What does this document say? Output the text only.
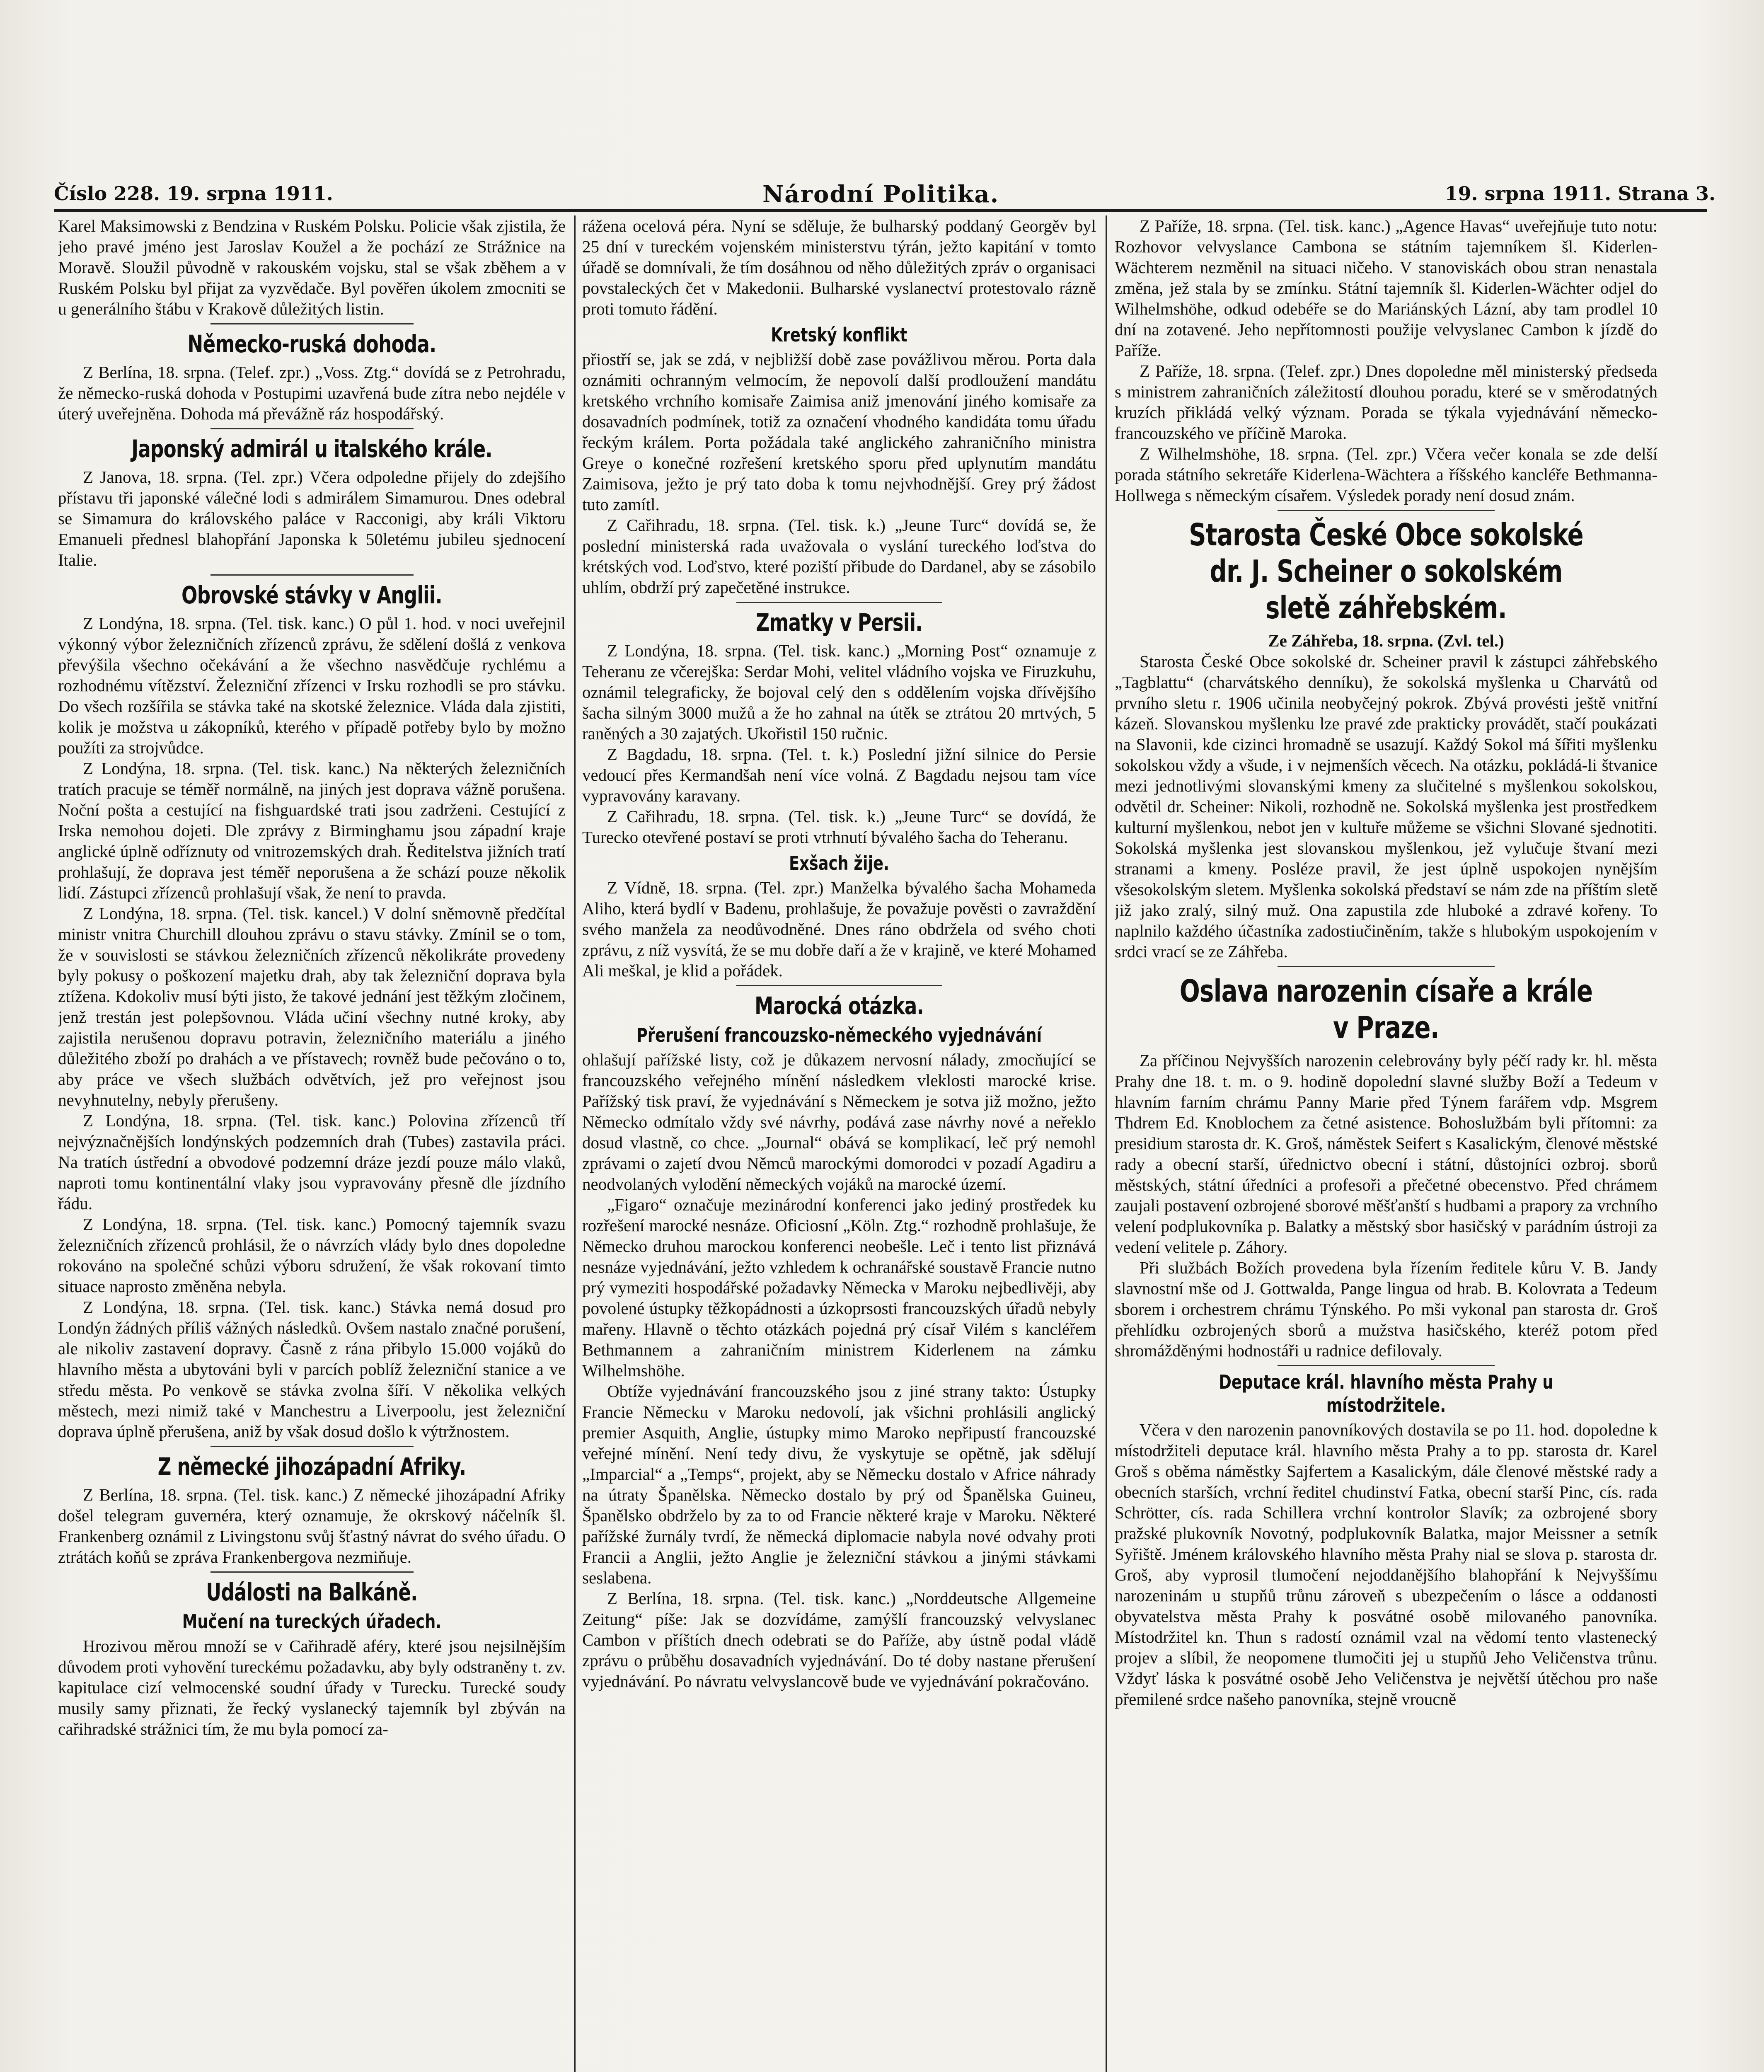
Číslo 228. 19. srpna 1911.	Národní Politika.	19. srpna 1911. Strana 3.

Karel Maksimowski z Bendzina v Ruském Polsku. Policie však zjistila, že jeho pravé jméno jest Jaroslav Koužel a že pochází ze Strážnice na Moravě. Sloužil původně v rakouském vojsku, stal se však zběhem a v Ruském Polsku byl přijat za vyzvědače. Byl pověřen úkolem zmocniti se u generálního štábu v Krakově důležitých listin.

Německo-ruská dohoda.

Z Berlína, 18. srpna. (Telef. zpr.) „Voss. Ztg.“ dovídá se z Petrohradu, že německo-ruská dohoda v Postupimi uzavřená bude zítra nebo nejdéle v úterý uveřejněna. Dohoda má převážně ráz hospodářský.

Japonský admirál u italského krále.

Z Janova, 18. srpna. (Tel. zpr.) Včera odpoledne přijely do zdejšího přístavu tři japonské válečné lodi s admirálem Simamurou. Dnes odebral se Simamura do královského paláce v Racconigi, aby králi Viktoru Emanueli přednesl blahopřání Japonska k 50letému jubileu sjednocení Italie.

Obrovské stávky v Anglii.

Z Londýna, 18. srpna. (Tel. tisk. kanc.) O půl 1. hod. v noci uveřejnil výkonný výbor železničních zřízenců zprávu, že sdělení došlá z venkova převýšila všechno očekávání a že všechno nasvědčuje rychlému a rozhodnému vítězství. Železniční zřízenci v Irsku rozhodli se pro stávku. Do všech rozšířila se stávka také na skotské železnice. Vláda dala zjistiti, kolik je možstva u zákopníků, kterého v případě potřeby bylo by možno použíti za strojvůdce.

Z Londýna, 18. srpna. (Tel. tisk. kanc.) Na některých železničních tratích pracuje se téměř normálně, na jiných jest doprava vážně porušena. Noční pošta a cestující na fishguardské trati jsou zadrženi. Cestující z Irska nemohou dojeti. Dle zprávy z Birminghamu jsou západní kraje anglické úplně odříznuty od vnitrozemských drah. Ředitelstva jižních tratí prohlašují, že doprava jest téměř neporušena a že schází pouze několik lidí. Zástupci zřízenců prohlašují však, že není to pravda.

Z Londýna, 18. srpna. (Tel. tisk. kancel.) V dolní sněmovně předčítal ministr vnitra Churchill dlouhou zprávu o stavu stávky. Zmínil se o tom, že v souvislosti se stávkou železničních zřízenců několikráte provedeny byly pokusy o poškození majetku drah, aby tak železniční doprava byla ztížena. Kdokoliv musí býti jisto, že takové jednání jest těžkým zločinem, jenž trestán jest polepšovnou. Vláda učiní všechny nutné kroky, aby zajistila nerušenou dopravu potravin, železničního materiálu a jiného důležitého zboží po drahách a ve přístavech; rovněž bude pečováno o to, aby práce ve všech službách odvětvích, jež pro veřejnost jsou nevyhnutelny, nebyly přerušeny.

Z Londýna, 18. srpna. (Tel. tisk. kanc.) Polovina zřízenců tří nejvýznačnějších londýnských podzemních drah (Tubes) zastavila práci. Na tratích ústřední a obvodové podzemní dráze jezdí pouze málo vlaků, naproti tomu kontinentální vlaky jsou vypravovány přesně dle jízdního řádu.

Z Londýna, 18. srpna. (Tel. tisk. kanc.) Pomocný tajemník svazu železničních zřízenců prohlásil, že o návrzích vlády bylo dnes dopoledne rokováno na společné schůzi výboru sdružení, že však rokovaní timto situace naprosto změněna nebyla.

Z Londýna, 18. srpna. (Tel. tisk. kanc.) Stávka nemá dosud pro Londýn žádných příliš vážných následků. Ovšem nastalo značné porušení, ale nikoliv zastavení dopravy. Časně z rána přibylo 15.000 vojáků do hlavního města a ubytováni byli v parcích poblíž železniční stanice a ve středu města. Po venkově se stávka zvolna šíří. V několika velkých městech, mezi nimiž také v Manchestru a Liverpoolu, jest železniční doprava úplně přerušena, aniž by však dosud došlo k výtržnostem.

Z německé jihozápadní Afriky.

Z Berlína, 18. srpna. (Tel. tisk. kanc.) Z německé jihozápadní Afriky došel telegram guvernéra, který oznamuje, že okrskový náčelník šl. Frankenberg oznámil z Livingstonu svůj šťastný návrat do svého úřadu. O ztrátách koňů se zpráva Frankenbergova nezmiňuje.

Události na Balkáně.
Mučení na tureckých úřadech.

Hrozivou měrou množí se v Cařihradě aféry, které jsou nejsilnějším důvodem proti vyhovění tureckému požadavku, aby byly odstraněny t. zv. kapitulace cizí velmocenské soudní úřady v Turecku. Turecké soudy musily samy přiznati, že řecký vyslanecký tajemník byl zbýván na cařihradské strážnici tím, že mu byla pomocí za-

rážena ocelová péra. Nyní se sděluje, že bulharský poddaný Georgěv byl 25 dní v tureckém vojenském ministerstvu týrán, ježto kapitání v tomto úřadě se domnívali, že tím dosáhnou od něho důležitých zpráv o organisaci povstaleckých čet v Makedonii. Bulharské vyslanectví protestovalo rázně proti tomuto řádění.

Kretský konflikt

přiostří se, jak se zdá, v nejbližší době zase povážlivou měrou. Porta dala oznámiti ochranným velmocím, že nepovolí další prodloužení mandátu kretského vrchního komisaře Zaimisa aniž jmenování jiného komisaře za dosavadních podmínek, totiž za označení vhodného kandidáta tomu úřadu řeckým králem. Porta požádala také anglického zahraničního ministra Greye o konečné rozřešení kretského sporu před uplynutím mandátu Zaimisova, ježto je prý tato doba k tomu nejvhodnější. Grey prý žádost tuto zamítl.

Z Cařihradu, 18. srpna. (Tel. tisk. k.) „Jeune Turc“ dovídá se, že poslední ministerská rada uvažovala o vyslání tureckého loďstva do krétských vod. Loďstvo, které poziští přibude do Dardanel, aby se zásobilo uhlím, obdrží prý zapečetěné instrukce.

Zmatky v Persii.

Z Londýna, 18. srpna. (Tel. tisk. kanc.) „Morning Post“ oznamuje z Teheranu ze včerejška: Serdar Mohi, velitel vládního vojska ve Firuzkuhu, oznámil telegraficky, že bojoval celý den s oddělením vojska dřívějšího šacha silným 3000 mužů a že ho zahnal na útěk se ztrátou 20 mrtvých, 5 raněných a 30 zajatých. Ukořistil 150 ručnic.

Z Bagdadu, 18. srpna. (Tel. t. k.) Poslední jižní silnice do Persie vedoucí přes Kermandšah není více volná. Z Bagdadu nejsou tam více vypravovány karavany.

Z Cařihradu, 18. srpna. (Tel. tisk. k.) „Jeune Turc“ se dovídá, že Turecko otevřené postaví se proti vtrhnutí bývalého šacha do Teheranu.

Exšach žije.

Z Vídně, 18. srpna. (Tel. zpr.) Manželka bývalého šacha Mohameda Aliho, která bydlí v Badenu, prohlašuje, že považuje pověsti o zavraždění svého manžela za neodůvodněné. Dnes ráno obdržela od svého choti zprávu, z níž vysvítá, že se mu dobře daří a že v krajině, ve které Mohamed Ali meškal, je klid a pořádek.

Marocká otázka.
Přerušení francouzsko-německého vyjednávání

ohlašují pařížské listy, což je důkazem nervosní nálady, zmocňující se francouzského veřejného mínění následkem vleklosti marocké krise. Pařížský tisk praví, že vyjednávání s Německem je sotva již možno, ježto Německo odmítalo vždy své návrhy, podává zase návrhy nové a neřeklo dosud vlastně, co chce. „Journal“ obává se komplikací, leč prý nemohl zprávami o zajetí dvou Němců marockými domorodci v pozadí Agadiru a neodvolaných vylodění německých vojáků na marocké území.

„Figaro“ označuje mezinárodní konferenci jako jediný prostředek ku rozřešení marocké nesnáze. Oficiosní „Köln. Ztg.“ rozhodně prohlašuje, že Německo druhou marockou konferenci neobešle. Leč i tento list přiznává nesnáze vyjednávání, ježto vzhledem k ochranářské soustavě Francie nutno prý vymeziti hospodářské požadavky Německa v Maroku nejbedlivěji, aby povolené ústupky těžkopádnosti a úzkoprsosti francouzských úřadů nebyly mařeny. Hlavně o těchto otázkách pojedná prý císař Vilém s kancléřem Bethmannem a zahraničním ministrem Kiderlenem na zámku Wilhelmshöhe.

Obtíže vyjednávání francouzského jsou z jiné strany takto: Ústupky Francie Německu v Maroku nedovolí, jak všichni prohlásili anglický premier Asquith, Anglie, ústupky mimo Maroko nepřipustí francouzské veřejné mínění. Není tedy divu, že vyskytuje se opětně, jak sdělují „Imparcial“ a „Temps“, projekt, aby se Německu dostalo v Africe náhrady na útraty Španělska. Německo dostalo by prý od Španělska Guineu, Španělsko obdrželo by za to od Francie některé kraje v Maroku. Některé pařížské žurnály tvrdí, že německá diplomacie nabyla nové odvahy proti Francii a Anglii, ježto Anglie je železniční stávkou a jinými stávkami seslabena.

Z Berlína, 18. srpna. (Tel. tisk. kanc.) „Norddeutsche Allgemeine Zeitung“ píše: Jak se dozvídáme, zamýšlí francouzský velvyslanec Cambon v příštích dnech odebrati se do Paříže, aby ústně podal vládě zprávu o průběhu dosavadních vyjednávání. Do té doby nastane přerušení vyjednávání. Po návratu velvyslancově bude ve vyjednávání pokračováno.

Z Paříže, 18. srpna. (Tel. tisk. kanc.) „Agence Havas“ uveřejňuje tuto notu: Rozhovor velvyslance Cambona se státním tajemníkem šl. Kiderlen-Wächterem nezměnil na situaci ničeho. V stanoviskách obou stran nenastala změna, jež stala by se zmínku. Státní tajemník šl. Kiderlen-Wächter odjel do Wilhelmshöhe, odkud odebéře se do Mariánských Lázní, aby tam prodlel 10 dní na zotavené. Jeho nepřítomnosti použije velvyslanec Cambon k jízdě do Paříže.

Z Paříže, 18. srpna. (Telef. zpr.) Dnes dopoledne měl ministerský předseda s ministrem zahraničních záležitostí dlouhou poradu, které se v směrodatných kruzích přikládá velký význam. Porada se týkala vyjednávání německo-francouzského ve příčině Maroka.

Z Wilhelmshöhe, 18. srpna. (Tel. zpr.) Včera večer konala se zde delší porada státního sekretáře Kiderlena-Wächtera a říšského kancléře Bethmanna-Hollwega s německým císařem. Výsledek porady není dosud znám.

Starosta České Obce sokolské dr. J. Scheiner o sokolském sletě záhřebském.

Ze Záhřeba, 18. srpna. (Zvl. tel.)

Starosta České Obce sokolské dr. Scheiner pravil k zástupci záhřebského „Tagblattu“ (charvátského denníku), že sokolská myšlenka u Charvátů od prvního sletu r. 1906 učinila neobyčejný pokrok. Zbývá provésti ještě vnitřní kázeň. Slovanskou myšlenku lze pravé zde prakticky provádět, stačí poukázati na Slavonii, kde cizinci hromadně se usazují. Každý Sokol má šířiti myšlenku sokolskou vždy a všude, i v nejmenších věcech. Na otázku, pokládá-li štvanice mezi jednotlivými slovanskými kmeny za slučitelné s myšlenkou sokolskou, odvětil dr. Scheiner: Nikoli, rozhodně ne. Sokolská myšlenka jest prostředkem kulturní myšlenkou, nebot jen v kultuře můžeme se všichni Slované sjednotiti. Sokolská myšlenka jest slovanskou myšlenkou, jež vylučuje štvaní mezi stranami a kmeny. Posléze pravil, že jest úplně uspokojen nynějším všesokolským sletem. Myšlenka sokolská představí se nám zde na příštím sletě již jako zralý, silný muž. Ona zapustila zde hluboké a zdravé kořeny. To naplnilo každého účastníka zadostiučiněním, takže s hlubokým uspokojením v srdci vrací se ze Záhřeba.

Oslava narozenin císaře a krále v Praze.

Za příčinou Nejvyšších narozenin celebrovány byly péčí rady kr. hl. města Prahy dne 18. t. m. o 9. hodině dopolední slavné služby Boží a Tedeum v hlavním farním chrámu Panny Marie před Týnem farářem vdp. Msgrem Thdrem Ed. Knoblochem za četné asistence. Bohoslužbám byli přítomni: za presidium starosta dr. K. Groš, náměstek Seifert s Kasalickým, členové městské rady a obecní starší, úřednictvo obecní i státní, důstojníci ozbroj. sborů městských, státní úředníci a profesoři a přečetné obecenstvo. Před chrámem zaujali postavení ozbrojené sborové měšťanští s hudbami a prapory za vrchního velení podplukovníka p. Balatky a městský sbor hasičský v parádním ústroji za vedení velitele p. Záhory.

Při službách Božích provedena byla řízením ředitele kůru V. B. Jandy slavnostní mše od J. Gottwalda, Pange lingua od hrab. B. Kolovrata a Tedeum sborem i orchestrem chrámu Týnského. Po mši vykonal pan starosta dr. Groš přehlídku ozbrojených sborů a mužstva hasičského, kteréž potom před shromážděnými hodnostáři u radnice defilovaly.

Deputace král. hlavního města Prahy u místodržitele.

Včera v den narozenin panovníkových dostavila se po 11. hod. dopoledne k místodržiteli deputace král. hlavního města Prahy a to pp. starosta dr. Karel Groš s oběma náměstky Sajfertem a Kasalickým, dále členové městské rady a obecních starších, vrchní ředitel chudinství Fatka, obecní starší Pinc, cís. rada Schrötter, cís. rada Schillera vrchní kontrolor Slavík; za ozbrojené sbory pražské plukovník Novotný, podplukovník Balatka, major Meissner a setník Syřiště. Jménem královského hlavního města Prahy nial se slova p. starosta dr. Groš, aby vyprosil tlumočení nejoddanějšího blahopřání k Nejvyššímu narozeninám u stupňů trůnu zároveň s ubezpečením o lásce a oddanosti obyvatelstva města Prahy k posvátné osobě milovaného panovníka. Místodržitel kn. Thun s radostí oznámil vzal na vědomí tento vlastenecký projev a slíbil, že neopomene tlumočiti jej u stupňů Jeho Veličenstva trůnu. Vždyť láska k posvátné osobě Jeho Veličenstva je největší útěchou pro naše přemilené srdce našeho panovníka, stejně vroucně
